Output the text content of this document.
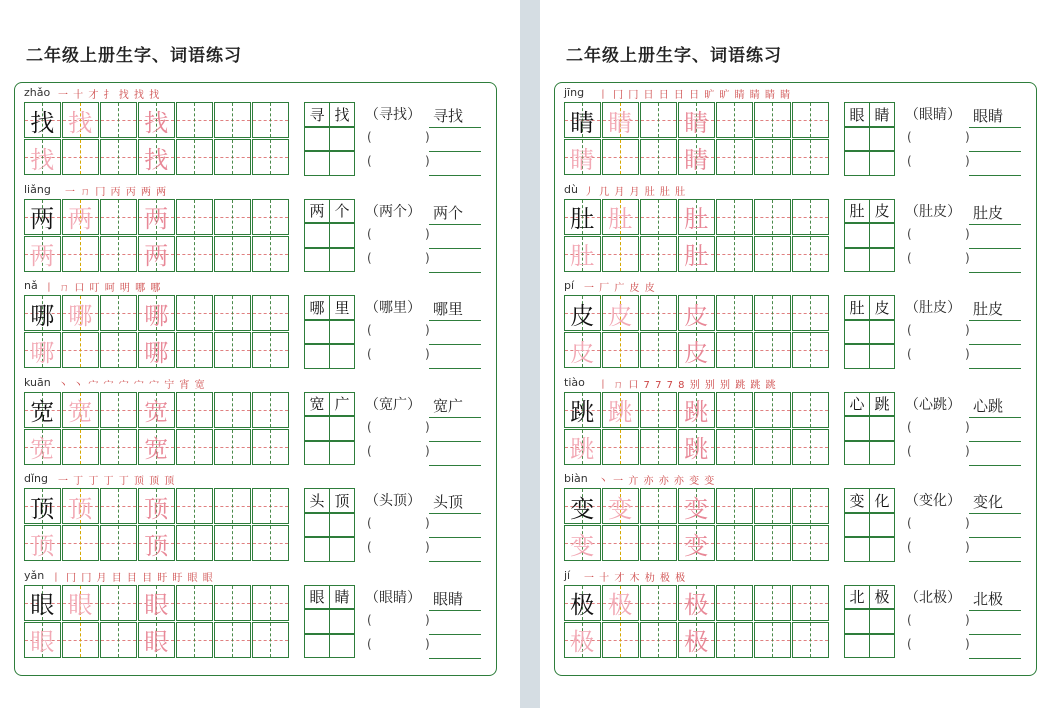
二年级上册生字、词语练习
zhǎo 一 十 才 扌 找 找 找
找 找 找
找	找
寻 找	（寻找）
(	)
(	)
寻找
liǎng 一 ㄇ 冂 丙 丙 两 两
两 两 两
两	两
两 个	（两个）
(	)
(	)
两个
nǎ 丨 ㄇ 口 叮 呵 明 哪 哪
哪 哪 哪
哪	哪
哪 里	（哪里）
(	)
(	)
哪里
kuān 丶 丶 宀 宀 宀 宀 宀 宁 宵 宽
宽 宽 宽
宽	宽
宽 广	（宽广）
(	)
(	)
宽广
dǐng 一 丁 丁 丁 丁 顶 顶 顶
顶 顶 顶
顶	顶
头 顶	（头顶）
(	)
(	)
头顶
yǎn 丨 冂 冂 月 目 目 目 盱 盱 眼 眼
眼 眼 眼
眼	眼
眼 睛	（眼睛）
(	)
(	)
眼睛
二年级上册生字、词语练习
jīng 丨 冂 冂 日 日 日 日 旷 旷 睛 睛 睛 睛
睛 睛 睛
睛	睛
眼 睛	（眼睛）
(	)
(	)
眼睛
dù 丿 几 月 月 肚 肚 肚
肚 肚 肚
肚	肚
肚 皮	（肚皮）
(	)
(	)
肚皮
pí 一 厂 广 皮 皮
皮 皮 皮
皮	皮
肚 皮	（肚皮）
(	)
(	)
肚皮
tiào 丨 ㄇ 口 7 7 7 8 别 别 别 跳 跳 跳
跳 跳 跳
跳	跳
心 跳	（心跳）
(	)
(	)
心跳
biàn 丶 一 亣 亦 亦 亦 变 变
变 变 变
变	变
变 化	（变化）
(	)
(	)
变化
jí 一 十 才 木 朸 极 极
极 极 极
极	极
北 极	（北极）
(	)
(	)
北极
